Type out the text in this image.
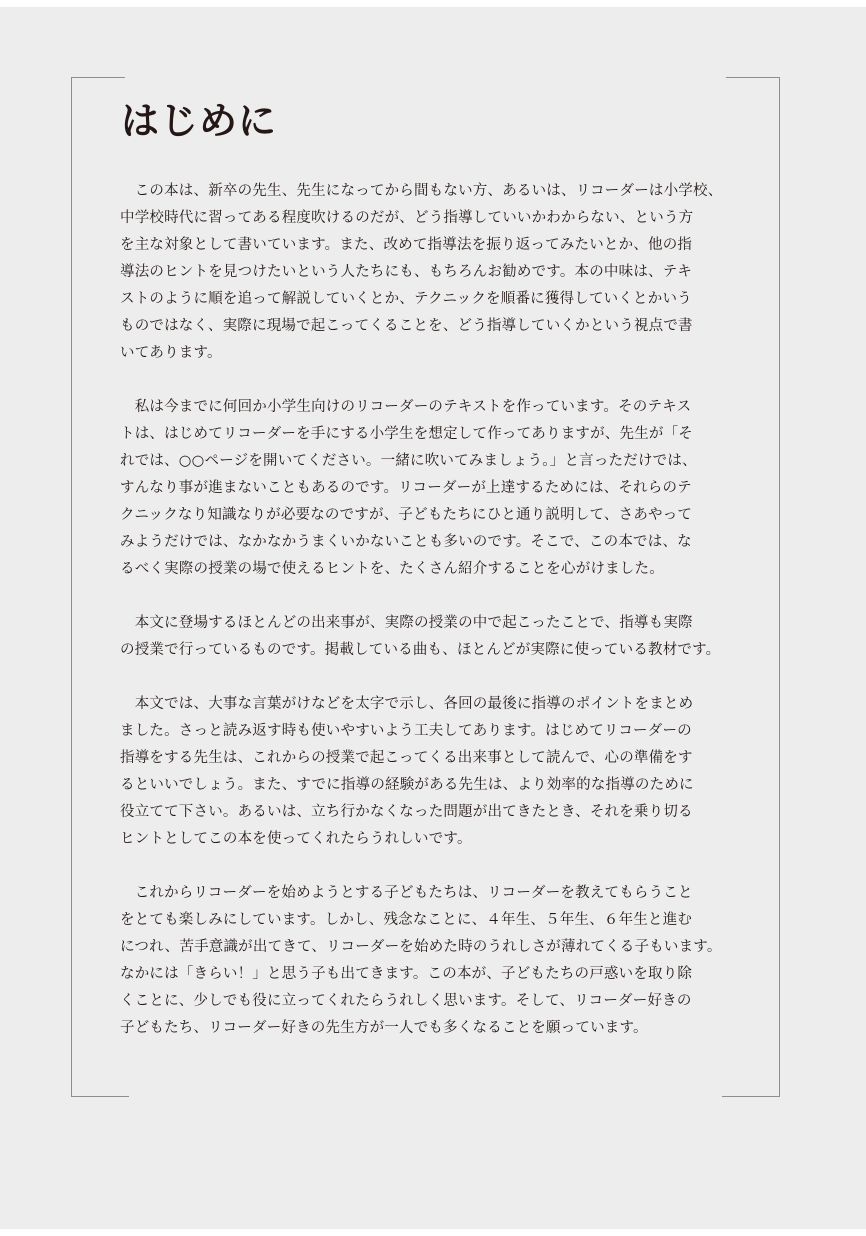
はじめに

　この本は、新卒の先生、先生になってから間もない方、あるいは、リコーダーは小学校、
中学校時代に習ってある程度吹けるのだが、どう指導していいかわからない、という方
を主な対象として書いています。また、改めて指導法を振り返ってみたいとか、他の指
導法のヒントを見つけたいという人たちにも、もちろんお勧めです。本の中味は、テキ
ストのように順を追って解説していくとか、テクニックを順番に獲得していくとかいう
ものではなく、実際に現場で起こってくることを、どう指導していくかという視点で書
いてあります。

　私は今までに何回か小学生向けのリコーダーのテキストを作っています。そのテキス
トは、はじめてリコーダーを手にする小学生を想定して作ってありますが、先生が「そ
れでは、○○ページを開いてください。一緒に吹いてみましょう。」と言っただけでは、
すんなり事が進まないこともあるのです。リコーダーが上達するためには、それらのテ
クニックなり知識なりが必要なのですが、子どもたちにひと通り説明して、さあやって
みようだけでは、なかなかうまくいかないことも多いのです。そこで、この本では、な
るべく実際の授業の場で使えるヒントを、たくさん紹介することを心がけました。

　本文に登場するほとんどの出来事が、実際の授業の中で起こったことで、指導も実際
の授業で行っているものです。掲載している曲も、ほとんどが実際に使っている教材です。

　本文では、大事な言葉がけなどを太字で示し、各回の最後に指導のポイントをまとめ
ました。さっと読み返す時も使いやすいよう工夫してあります。はじめてリコーダーの
指導をする先生は、これからの授業で起こってくる出来事として読んで、心の準備をす
るといいでしょう。また、すでに指導の経験がある先生は、より効率的な指導のために
役立てて下さい。あるいは、立ち行かなくなった問題が出てきたとき、それを乗り切る
ヒントとしてこの本を使ってくれたらうれしいです。

　これからリコーダーを始めようとする子どもたちは、リコーダーを教えてもらうこと
をとても楽しみにしています。しかし、残念なことに、４年生、５年生、６年生と進む
につれ、苦手意識が出てきて、リコーダーを始めた時のうれしさが薄れてくる子もいます。
なかには「きらい！」と思う子も出てきます。この本が、子どもたちの戸惑いを取り除
くことに、少しでも役に立ってくれたらうれしく思います。そして、リコーダー好きの
子どもたち、リコーダー好きの先生方が一人でも多くなることを願っています。
